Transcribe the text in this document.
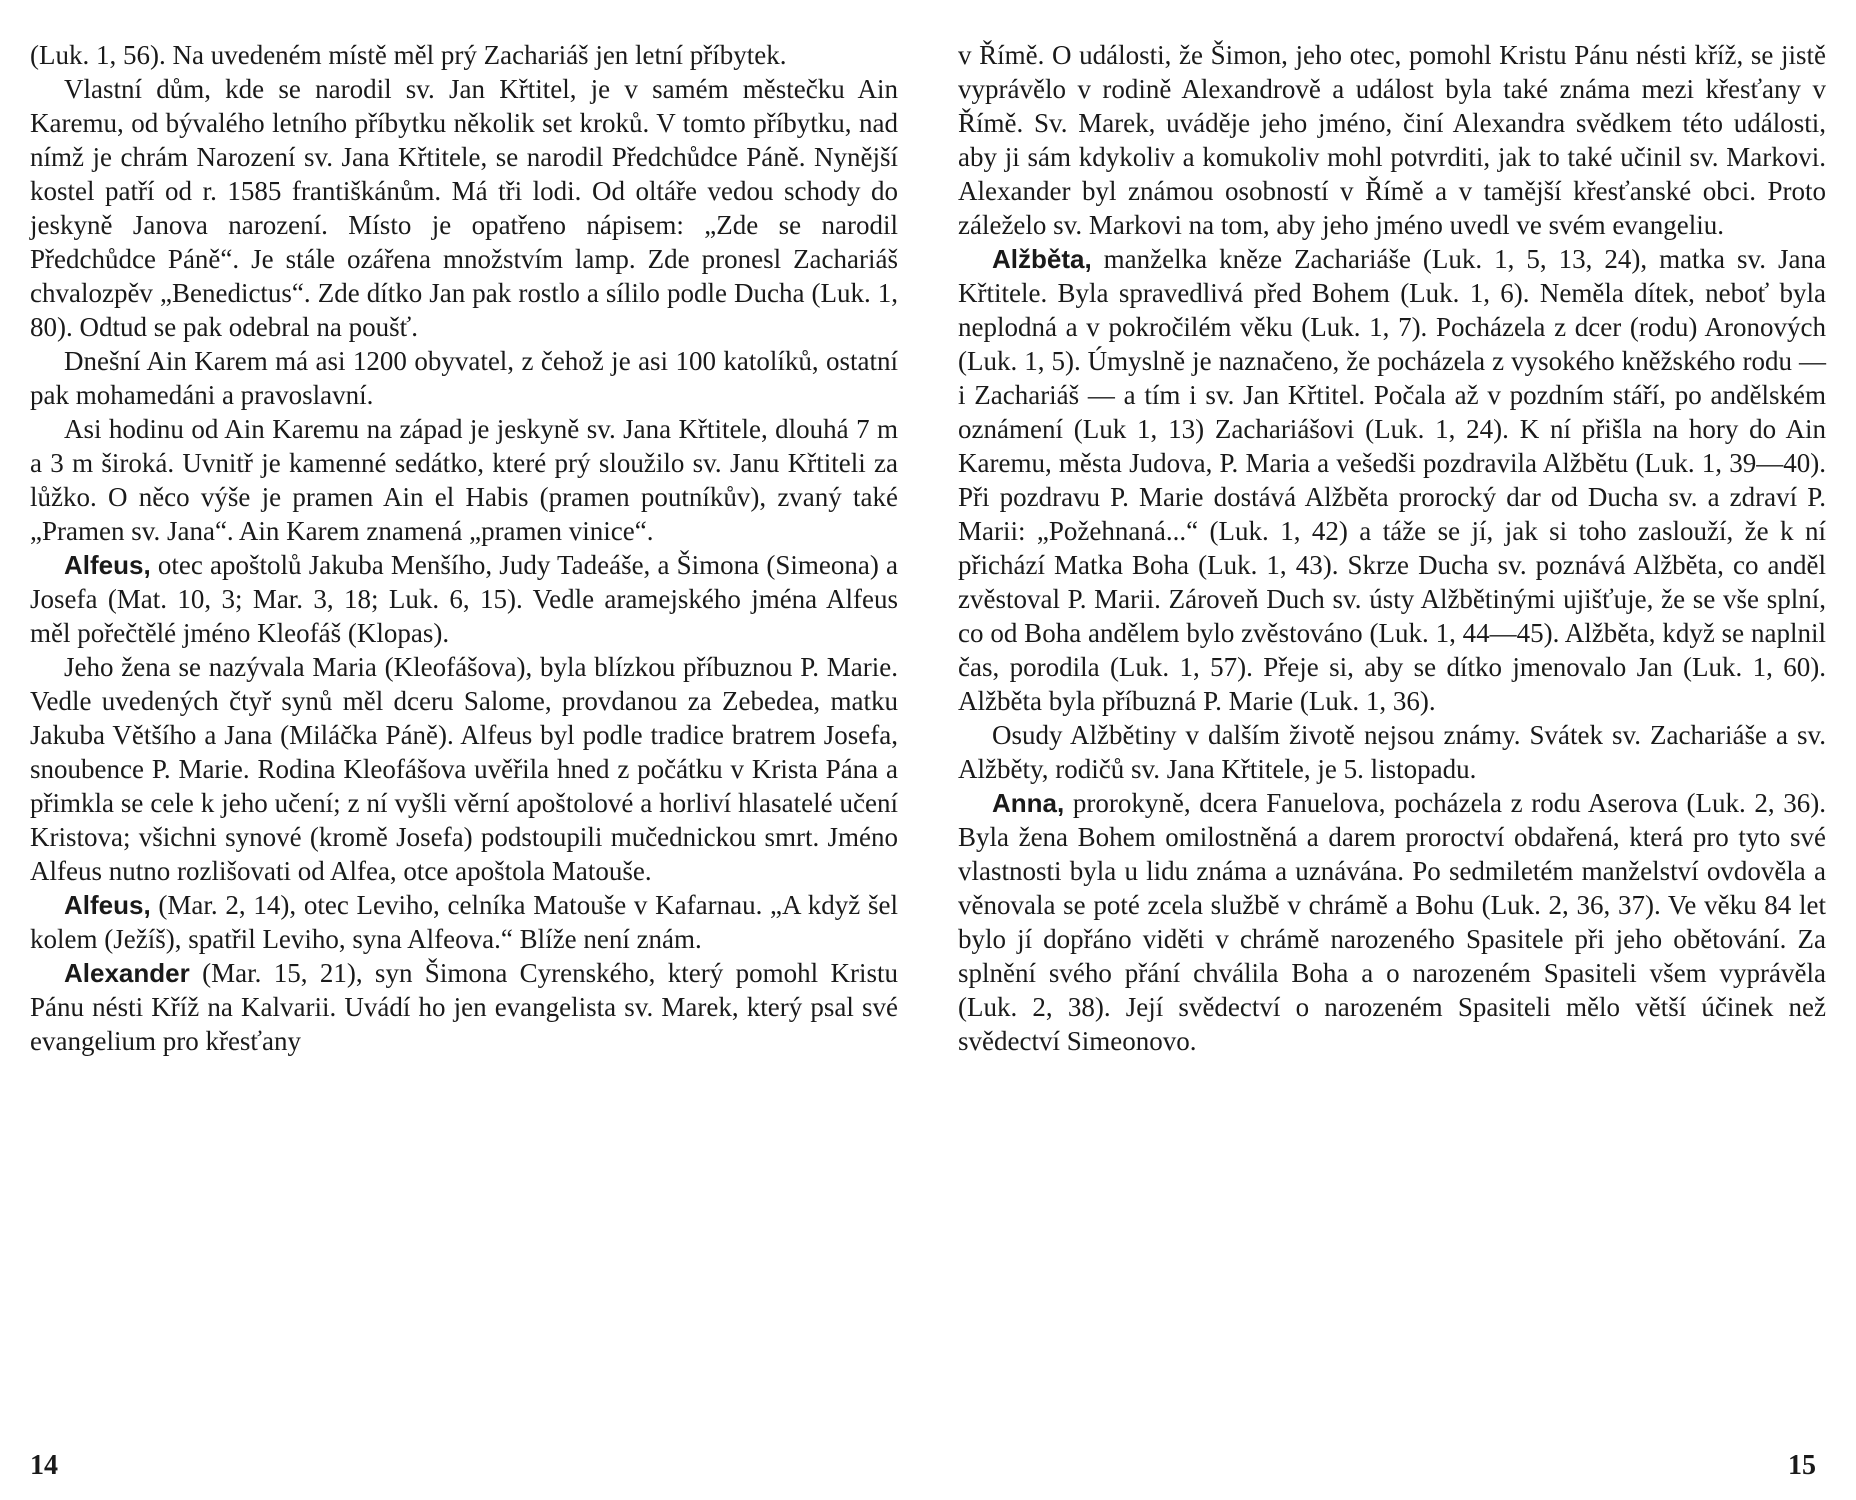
(Luk. 1, 56). Na uvedeném místě měl prý Zachariáš jen letní příbytek.

Vlastní dům, kde se narodil sv. Jan Křtitel, je v samém městečku Ain Karemu, od bývalého letního příbytku několik set kroků. V tomto příbytku, nad nímž je chrám Narození sv. Jana Křtitele, se narodil Předchůdce Páně. Nynější kostel patří od r. 1585 františkánům. Má tři lodi. Od oltáře vedou schody do jeskyně Janova narození. Místo je opatřeno nápisem: „Zde se narodil Předchůdce Páně“. Je stále ozářena množstvím lamp. Zde pronesl Zachariáš chvalozpěv „Benedictus“. Zde dítko Jan pak rostlo a sílilo podle Ducha (Luk. 1, 80). Odtud se pak odebral na poušť.

Dnešní Ain Karem má asi 1200 obyvatel, z čehož je asi 100 katolíků, ostatní pak mohamedáni a pravoslavní.

Asi hodinu od Ain Karemu na západ je jeskyně sv. Jana Křtitele, dlouhá 7 m a 3 m široká. Uvnitř je kamenné sedátko, které prý sloužilo sv. Janu Křtiteli za lůžko. O něco výše je pramen Ain el Habis (pramen poutníkův), zvaný také „Pramen sv. Jana“. Ain Karem znamená „pramen vinice“.

Alfeus, otec apoštolů Jakuba Menšího, Judy Tadeáše, a Šimona (Simeona) a Josefa (Mat. 10, 3; Mar. 3, 18; Luk. 6, 15). Vedle aramejského jména Alfeus měl pořečtělé jméno Kleofáš (Klopas).

Jeho žena se nazývala Maria (Kleofášova), byla blízkou příbuznou P. Marie. Vedle uvedených čtyř synů měl dceru Salome, provdanou za Zebedea, matku Jakuba Většího a Jana (Miláčka Páně). Alfeus byl podle tradice bratrem Josefa, snoubence P. Marie. Rodina Kleofášova uvěřila hned z počátku v Krista Pána a přimkla se cele k jeho učení; z ní vyšli věrní apoštolové a horliví hlasatelé učení Kristova; všichni synové (kromě Josefa) podstoupili mučednickou smrt. Jméno Alfeus nutno rozlišovati od Alfea, otce apoštola Matouše.

Alfeus, (Mar. 2, 14), otec Leviho, celníka Matouše v Kafarnau. „A když šel kolem (Ježíš), spatřil Leviho, syna Alfeova.“ Blíže není znám.

Alexander (Mar. 15, 21), syn Šimona Cyrenského, který pomohl Kristu Pánu nésti Kříž na Kalvarii. Uvádí ho jen evangelista sv. Marek, který psal své evangelium pro křesťany

14

v Římě. O události, že Šimon, jeho otec, pomohl Kristu Pánu nésti kříž, se jistě vyprávělo v rodině Alexandrově a událost byla také známa mezi křesťany v Římě. Sv. Marek, uváděje jeho jméno, činí Alexandra svědkem této události, aby ji sám kdykoliv a komukoliv mohl potvrditi, jak to také učinil sv. Markovi. Alexander byl známou osobností v Římě a v tamější křesťanské obci. Proto záleželo sv. Markovi na tom, aby jeho jméno uvedl ve svém evangeliu.

Alžběta, manželka kněze Zachariáše (Luk. 1, 5, 13, 24), matka sv. Jana Křtitele. Byla spravedlivá před Bohem (Luk. 1, 6). Neměla dítek, neboť byla neplodná a v pokročilém věku (Luk. 1, 7). Pocházela z dcer (rodu) Aronových (Luk. 1, 5). Úmyslně je naznačeno, že pocházela z vysokého kněžského rodu — i Zachariáš — a tím i sv. Jan Křtitel. Počala až v pozdním stáří, po andělském oznámení (Luk 1, 13) Zachariášovi (Luk. 1, 24). K ní přišla na hory do Ain Karemu, města Judova, P. Maria a vešedši pozdravila Alžbětu (Luk. 1, 39—40). Při pozdravu P. Marie dostává Alžběta prorocký dar od Ducha sv. a zdraví P. Marii: „Požehnaná...“ (Luk. 1, 42) a táže se jí, jak si toho zaslouží, že k ní přichází Matka Boha (Luk. 1, 43). Skrze Ducha sv. poznává Alžběta, co anděl zvěstoval P. Marii. Zároveň Duch sv. ústy Alžbětinými ujišťuje, že se vše splní, co od Boha andělem bylo zvěstováno (Luk. 1, 44—45). Alžběta, když se naplnil čas, porodila (Luk. 1, 57). Přeje si, aby se dítko jmenovalo Jan (Luk. 1, 60). Alžběta byla příbuzná P. Marie (Luk. 1, 36).

Osudy Alžbětiny v dalším životě nejsou známy. Svátek sv. Zachariáše a sv. Alžběty, rodičů sv. Jana Křtitele, je 5. listopadu.

Anna, prorokyně, dcera Fanuelova, pocházela z rodu Aserova (Luk. 2, 36). Byla žena Bohem omilostněná a darem proroctví obdařená, která pro tyto své vlastnosti byla u lidu známa a uznávána. Po sedmiletém manželství ovdověla a věnovala se poté zcela službě v chrámě a Bohu (Luk. 2, 36, 37). Ve věku 84 let bylo jí dopřáno viděti v chrámě narozeného Spasitele při jeho obětování. Za splnění svého přání chválila Boha a o narozeném Spasiteli všem vyprávěla (Luk. 2, 38). Její svědectví o narozeném Spasiteli mělo větší účinek než svědectví Simeonovo.

15
